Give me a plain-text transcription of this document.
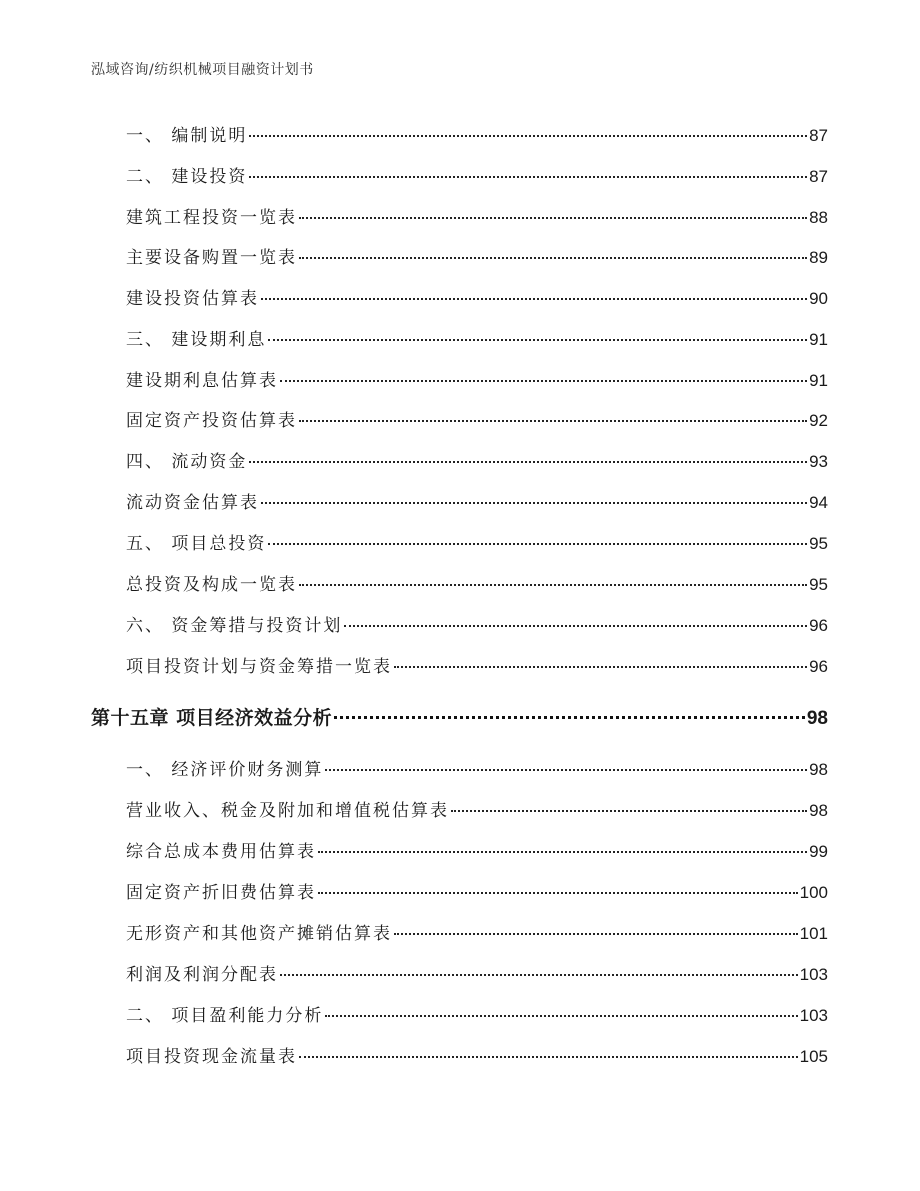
泓域咨询/纺织机械项目融资计划书
一、 编制说明	87
二、 建设投资	87
建筑工程投资一览表	88
主要设备购置一览表	89
建设投资估算表	90
三、 建设期利息	91
建设期利息估算表	91
固定资产投资估算表	92
四、 流动资金	93
流动资金估算表	94
五、 项目总投资	95
总投资及构成一览表	95
六、 资金筹措与投资计划	96
项目投资计划与资金筹措一览表	96
第十五章 项目经济效益分析	98
一、 经济评价财务测算	98
营业收入、税金及附加和增值税估算表	98
综合总成本费用估算表	99
固定资产折旧费估算表	100
无形资产和其他资产摊销估算表	101
利润及利润分配表	103
二、 项目盈利能力分析	103
项目投资现金流量表	105
